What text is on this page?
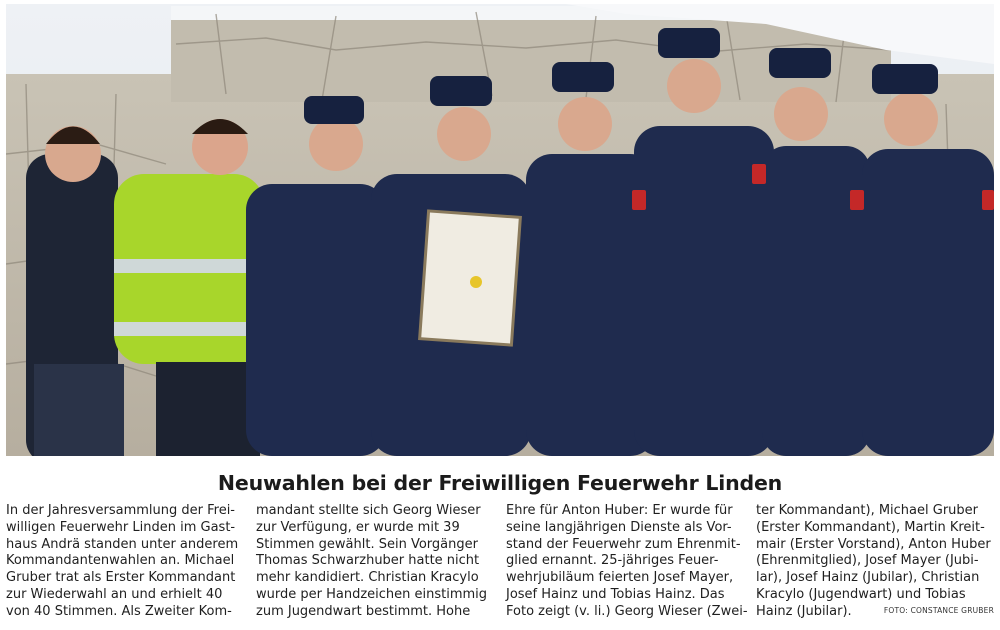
Neuwahlen bei der Freiwilligen Feuerwehr Linden
In der Jahresversammlung der Frei-
willigen Feuerwehr Linden im Gast-
haus Andrä standen unter anderem
Kommandantenwahlen an. Michael
Gruber trat als Erster Kommandant
zur Wiederwahl an und erhielt 40
von 40 Stimmen. Als Zweiter Kom-
mandant stellte sich Georg Wieser
zur Verfügung, er wurde mit 39
Stimmen gewählt. Sein Vorgänger
Thomas Schwarzhuber hatte nicht
mehr kandidiert. Christian Kracylo
wurde per Handzeichen einstimmig
zum Jugendwart bestimmt. Hohe
Ehre für Anton Huber: Er wurde für
seine langjährigen Dienste als Vor-
stand der Feuerwehr zum Ehrenmit-
glied ernannt. 25-jähriges Feuer-
wehrjubiläum feierten Josef Mayer,
Josef Hainz und Tobias Hainz. Das
Foto zeigt (v. li.) Georg Wieser (Zwei-
ter Kommandant), Michael Gruber
(Erster Kommandant), Martin Kreit-
mair (Erster Vorstand), Anton Huber
(Ehrenmitglied), Josef Mayer (Jubi-
lar), Josef Hainz (Jubilar), Christian
Kracylo (Jugendwart) und Tobias
Hainz (Jubilar).	FOTO: CONSTANCE GRUBER
